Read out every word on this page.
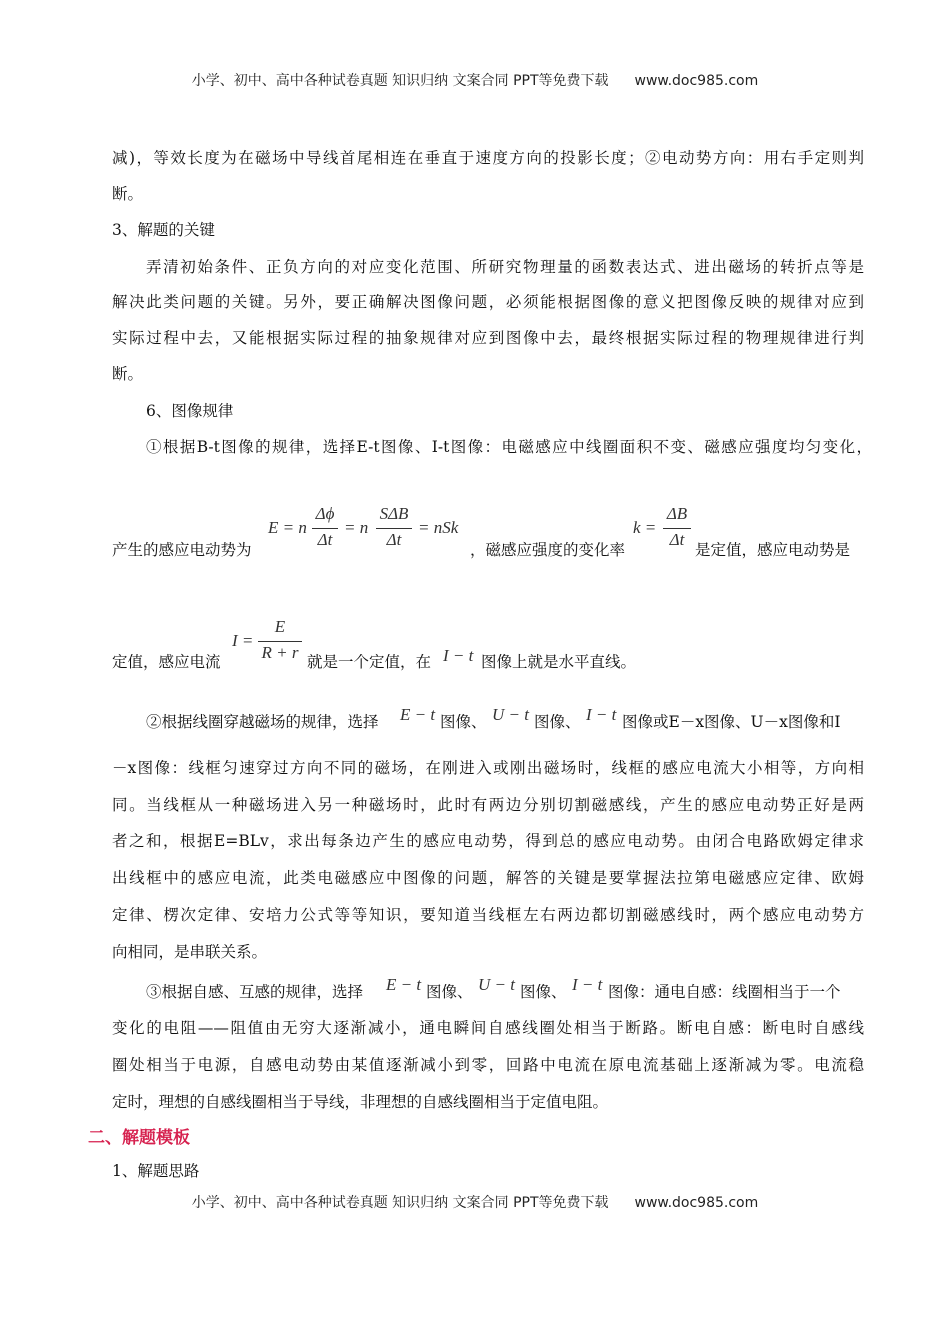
小学、初中、高中各种试卷真题 知识归纳 文案合同 PPT等免费下载 www.doc985.com
减)，等效长度为在磁场中导线首尾相连在垂直于速度方向的投影长度；②电动势方向：用右手定则判
断。
3、解题的关键
弄清初始条件、正负方向的对应变化范围、所研究物理量的函数表达式、进出磁场的转折点等是
解决此类问题的关键。另外，要正确解决图像问题，必须能根据图像的意义把图像反映的规律对应到
实际过程中去，又能根据实际过程的抽象规律对应到图像中去，最终根据实际过程的物理规律进行判
断。
6、图像规律
①根据B-t图像的规律，选择E-t图像、I-t图像：电磁感应中线圈面积不变、磁感应强度均匀变化，
产生的感应电动势为
E = n
Δϕ
Δt
= n
SΔB
Δt
= nSk
，磁感应强度的变化率
k =
ΔB
Δt
是定值，感应电动势是
定值，感应电流
I =
E
R + r 就是一个定值，在 I − t 图像上就是水平直线。
②根据线圈穿越磁场的规律，选择 E − t 图像、 U − t 图像、 I − t 图像或E－x图像、U－x图像和I
－x图像：线框匀速穿过方向不同的磁场，在刚进入或刚出磁场时，线框的感应电流大小相等，方向相
同。当线框从一种磁场进入另一种磁场时，此时有两边分别切割磁感线，产生的感应电动势正好是两
者之和，根据E=BLv，求出每条边产生的感应电动势，得到总的感应电动势。由闭合电路欧姆定律求
出线框中的感应电流，此类电磁感应中图像的问题，解答的关键是要掌握法拉第电磁感应定律、欧姆
定律、楞次定律、安培力公式等等知识，要知道当线框左右两边都切割磁感线时，两个感应电动势方
向相同，是串联关系。
③根据自感、互感的规律，选择 E − t 图像、 U − t 图像、 I − t 图像：通电自感：线圈相当于一个
变化的电阻——阻值由无穷大逐渐减小，通电瞬间自感线圈处相当于断路。断电自感：断电时自感线
圈处相当于电源，自感电动势由某值逐渐减小到零，回路中电流在原电流基础上逐渐减为零。电流稳
定时，理想的自感线圈相当于导线，非理想的自感线圈相当于定值电阻。
二、解题模板
1、解题思路
小学、初中、高中各种试卷真题 知识归纳 文案合同 PPT等免费下载 www.doc985.com
